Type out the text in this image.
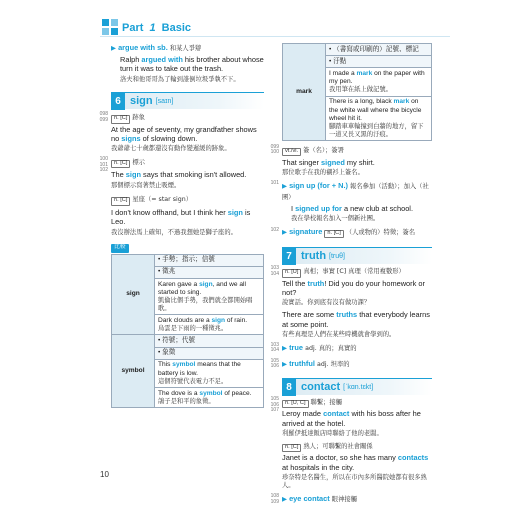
Part 1 Basic
▶ argue with sb. 和某人爭辯
Ralph argued with his brother about whose turn it was to take out the trash.
洛夫和他哥哥為了輪到誰倒垃圾爭執不下。
6 sign [saɪn]
098
099	n. [C] 跡象
At the age of seventy, my grandfather shows no signs of slowing down.
我爺爺七十歲都還沒有動作變遲緩的跡象。
100
101
102
n. [C] 標示
The sign says that smoking isn't allowed.
那個標示寫著禁止吸煙。
n. [C] 星座（= star sign）
I don't know offhand, but I think her sign is Leo.
我沒辦法馬上確知，不過我想她是獅子座的。
比較
sign	• 手勢；指示；信號
	• 徵兆

	Karen gave a sign, and we all started to sing.
凱倫比個手勢，我們就全都開始唱歌。

	Dark clouds are a sign of rain.
烏雲是下雨的一種徵兆。

symbol	• 符號；代號
	• 象徵

	This symbol means that the battery is low.
這個符號代表電力不足。

	The dove is a symbol of peace.
鴿子是和平的象徵。
10
mark	• （書寫或印刷的）記號、標記
• 汙點

I made a mark on the paper with my pen.
我用筆在紙上做記號。

There is a long, black mark on the white wall where the bicycle wheel hit it.
腳踏車車輪撞到白牆的地方，留下一道又長又黑的汙痕。
099
100	vt./vi. 簽（名）；簽署
That singer signed my shirt.
那位歌手在我的襯衫上簽名。
101 ▶ sign up (for + N.) 報名參加（活動）；加入（社團）
I signed up for a new club at school.
我在學校報名加入一個新社團。
102 ▶ signature n. [C] （人或物的）特徵；簽名
7 truth [truθ]
103
104	n. [U] 真相；事實 [C] 真理（常用複數形）
Tell the truth! Did you do your homework or not?
說實話。你到底有沒有做功課？
There are some truths that everybody learns at some point.
有些真理是人們在某些時機就會學到的。
103
104 ▶ true adj. 真的；真實的
105
106 ▶ truthful adj. 坦率的
8 contact [ˈkɑn.tɛkt]
105
106
107
n. [U, C] 聯繫；接觸
Leroy made contact with his boss after he arrived at the hotel.
利羅伊抵達飯店時聯絡了他的老闆。
n. [C] 熟人；可聯繫的社會關係
Janet is a doctor, so she has many contacts at hospitals in the city.
珍奈特是名醫生，所以在市內多所醫院她都有很多熟人。
108
109 ▶ eye contact 眼神接觸
